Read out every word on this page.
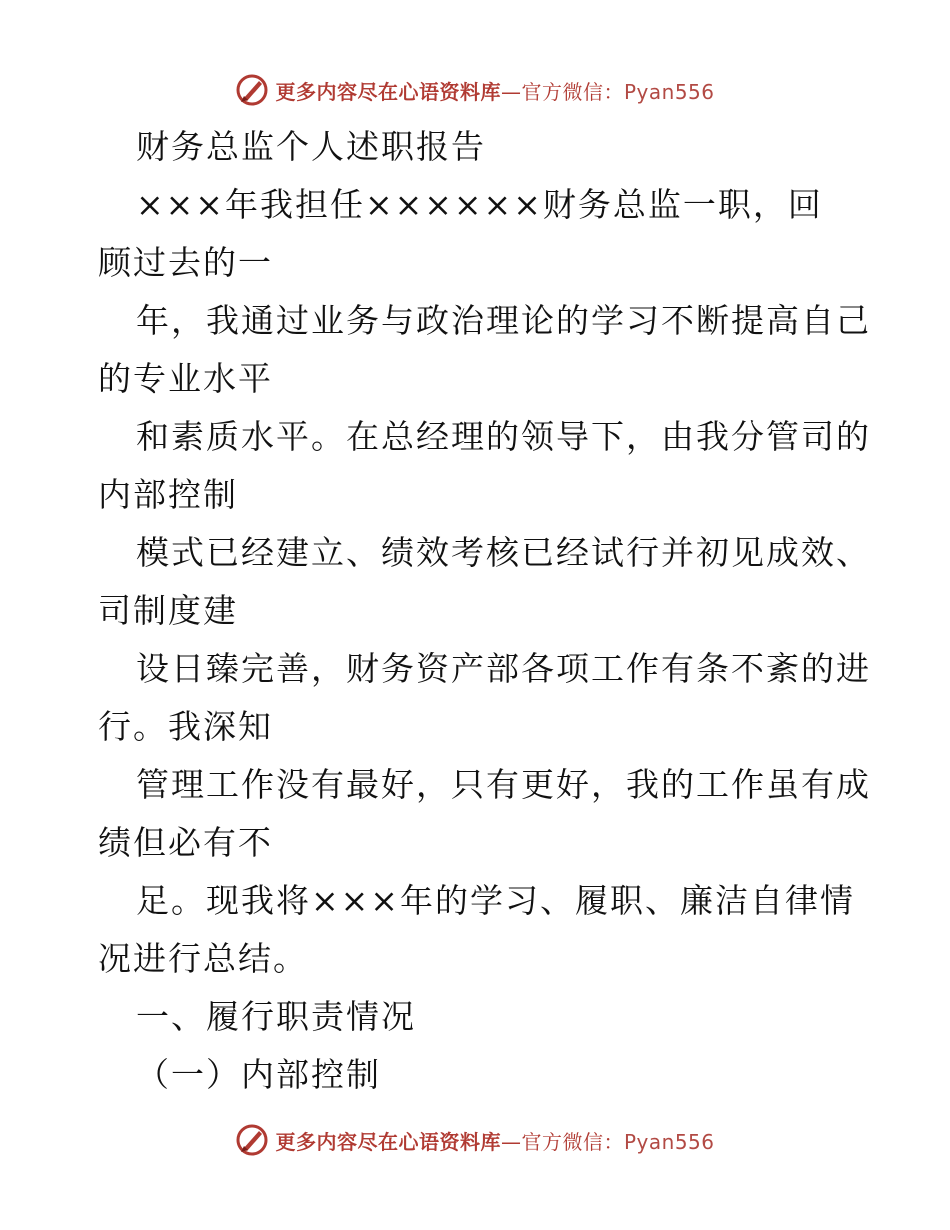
更多内容尽在心语资料库—官方微信：Pyan556
财务总监个人述职报告
×××年我担任××××××财务总监一职，回
顾过去的一
年，我通过业务与政治理论的学习不断提高自己
的专业水平
和素质水平。在总经理的领导下，由我分管司的
内部控制
模式已经建立、绩效考核已经试行并初见成效、
司制度建
设日臻完善，财务资产部各项工作有条不紊的进
行。我深知
管理工作没有最好，只有更好，我的工作虽有成
绩但必有不
足。现我将×××年的学习、履职、廉洁自律情
况进行总结。
一、履行职责情况
（一）内部控制
更多内容尽在心语资料库—官方微信：Pyan556
